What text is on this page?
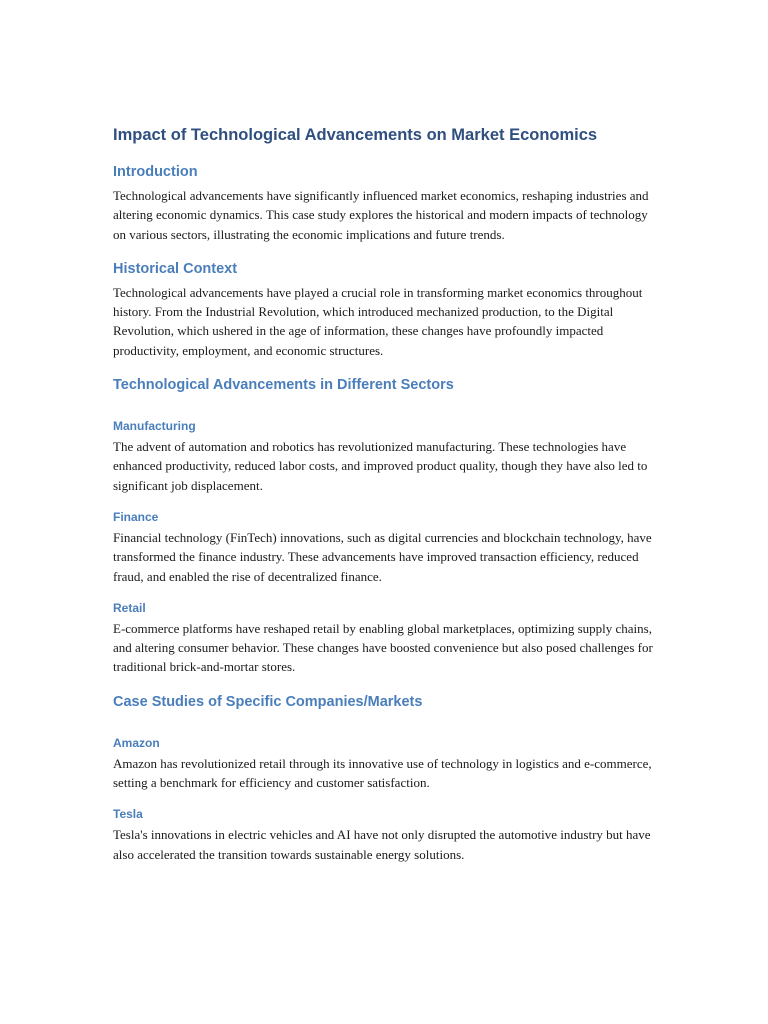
Impact of Technological Advancements on Market Economics
Introduction

Technological advancements have significantly influenced market economics, reshaping industries and altering economic dynamics. This case study explores the historical and modern impacts of technology on various sectors, illustrating the economic implications and future trends.

Historical Context

Technological advancements have played a crucial role in transforming market economics throughout history. From the Industrial Revolution, which introduced mechanized production, to the Digital Revolution, which ushered in the age of information, these changes have profoundly impacted productivity, employment, and economic structures.

Technological Advancements in Different Sectors
Manufacturing

The advent of automation and robotics has revolutionized manufacturing. These technologies have enhanced productivity, reduced labor costs, and improved product quality, though they have also led to significant job displacement.

Finance

Financial technology (FinTech) innovations, such as digital currencies and blockchain technology, have transformed the finance industry. These advancements have improved transaction efficiency, reduced fraud, and enabled the rise of decentralized finance.

Retail

E-commerce platforms have reshaped retail by enabling global marketplaces, optimizing supply chains, and altering consumer behavior. These changes have boosted convenience but also posed challenges for traditional brick-and-mortar stores.

Case Studies of Specific Companies/Markets
Amazon

Amazon has revolutionized retail through its innovative use of technology in logistics and e-commerce, setting a benchmark for efficiency and customer satisfaction.

Tesla

Tesla's innovations in electric vehicles and AI have not only disrupted the automotive industry but have also accelerated the transition towards sustainable energy solutions.
